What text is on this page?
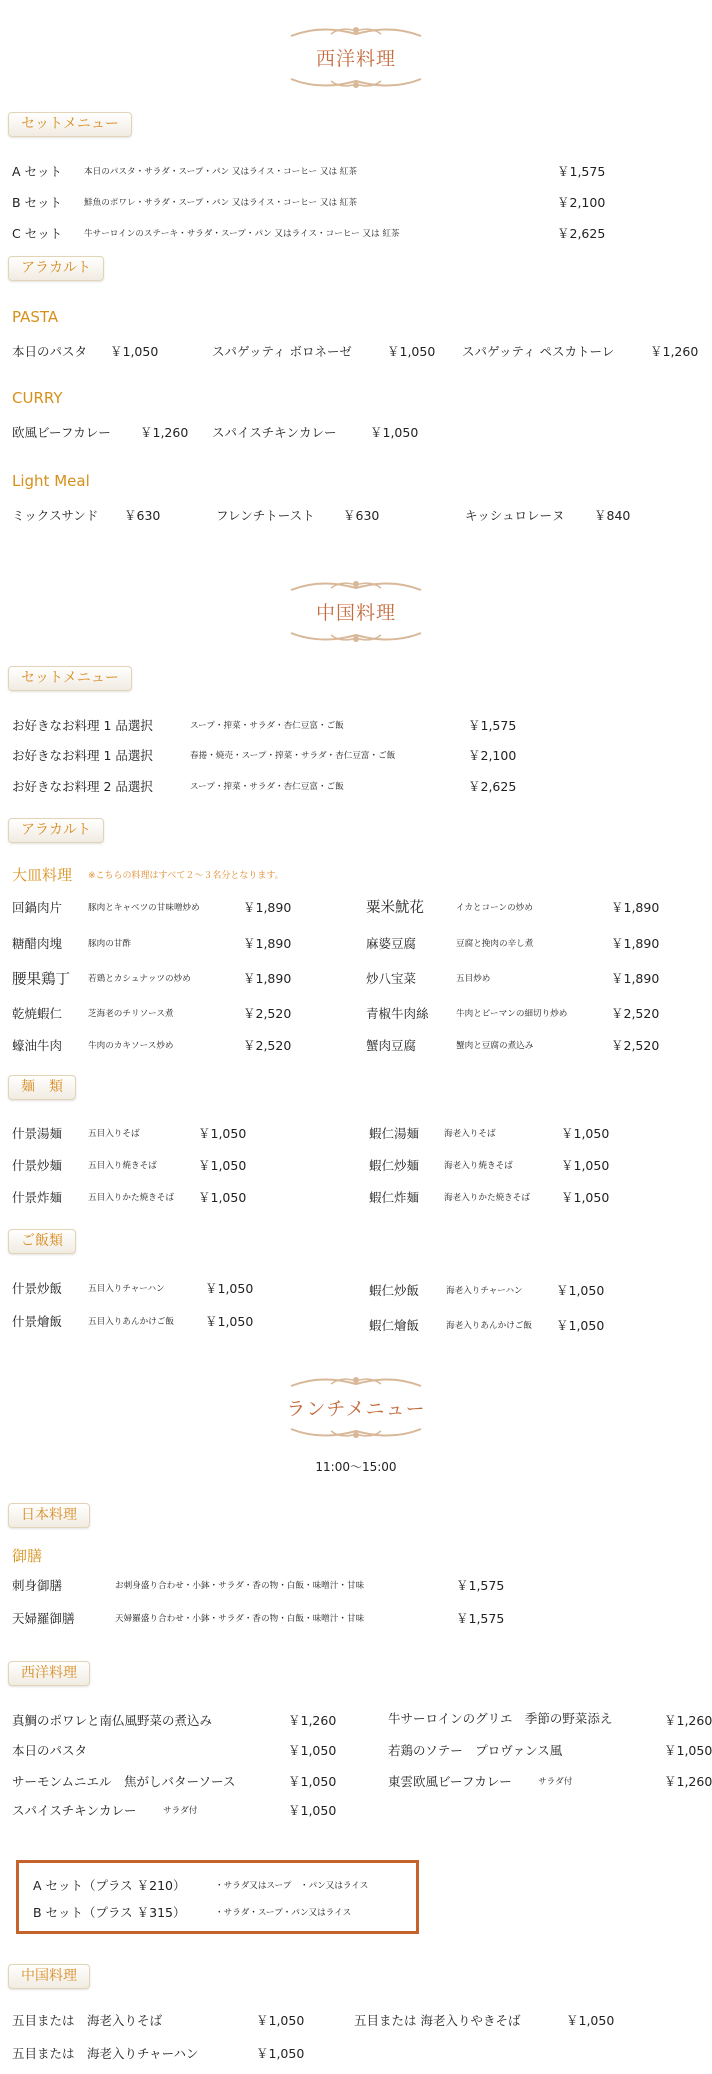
西洋料理
セットメニュー
A セット	本日のパスタ・サラダ・スープ・パン 又はライス・コーヒー 又は 紅茶	￥1,575
B セット	鮮魚のポワレ・サラダ・スープ・パン 又はライス・コーヒー 又は 紅茶	￥2,100
C セット	牛サーロインのステーキ・サラダ・スープ・パン 又はライス・コーヒー 又は 紅茶	￥2,625
アラカルト
PASTA
本日のパスタ ￥1,050	スパゲッティ ボロネーゼ	￥1,050 スパゲッティ ペスカトーレ	￥1,260
CURRY
欧風ビーフカレー ￥1,260 スパイスチキンカレー	￥1,050
Light Meal
ミックスサンド ￥630	フレンチトースト ￥630	キッシュロレーヌ ￥840
中国料理
セットメニュー
お好きなお料理 1 品選択	スープ・搾菜・サラダ・杏仁豆富・ご飯	￥1,575
お好きなお料理 1 品選択	春捲・焼売・スープ・搾菜・サラダ・杏仁豆富・ご飯	￥2,100
お好きなお料理 2 品選択	スープ・搾菜・サラダ・杏仁豆富・ご飯	￥2,625
アラカルト
大皿料理 ※こちらの料理はすべて２～３名分となります。
回鍋肉片	豚肉とキャベツの甘味噌炒め	￥1,890
糖醋肉塊	豚肉の甘酢	￥1,890
腰果鶏丁 若鶏とカシュナッツの炒め	￥1,890
乾焼蝦仁	芝海老のチリソース煮	￥2,520
蠔油牛肉	牛肉のカキソース炒め	￥2,520
粟米魷花	イカとコーンの炒め	￥1,890
麻婆豆腐	豆腐と挽肉の辛し煮	￥1,890
炒八宝菜	五目炒め	￥1,890
青椒牛肉絲	牛肉とピーマンの細切り炒め	￥2,520
蟹肉豆腐	蟹肉と豆腐の煮込み	￥2,520
麺　類
什景湯麺	五目入りそば	￥1,050
什景炒麺	五目入り焼きそば	￥1,050
什景炸麺	五目入りかた焼きそば ￥1,050
蝦仁湯麺	海老入りそば	￥1,050
蝦仁炒麺	海老入り焼きそば	￥1,050
蝦仁炸麺	海老入りかた焼きそば ￥1,050
ご飯類
什景炒飯	五目入りチャーハン	￥1,050
什景燴飯	五目入りあんかけご飯 ￥1,050
蝦仁炒飯	海老入りチャーハン	￥1,050
蝦仁燴飯	海老入りあんかけご飯 ￥1,050
ランチメニュー
11:00〜15:00
日本料理
御膳
刺身御膳	お刺身盛り合わせ・小鉢・サラダ・香の物・白飯・味噌汁・甘味	￥1,575
天婦羅御膳	天婦羅盛り合わせ・小鉢・サラダ・香の物・白飯・味噌汁・甘味	￥1,575
西洋料理
真鯛のポワレと南仏風野菜の煮込み	￥1,260
本日のパスタ	￥1,050
サーモンムニエル　焦がしバターソース	￥1,050
スパイスチキンカレー	サラダ付	￥1,050
牛サーロインのグリエ　季節の野菜添え	￥1,260
若鶏のソテー　プロヴァンス風	￥1,050
東雲欧風ビーフカレー	サラダ付	￥1,260
A セット（プラス ￥210）	・サラダ又はスープ　・パン又はライス
B セット（プラス ￥315）	・サラダ・スープ・パン又はライス
中国料理
五目または　海老入りそば	￥1,050	五目または 海老入りやきそば	￥1,050
五目または　海老入りチャーハン	￥1,050
